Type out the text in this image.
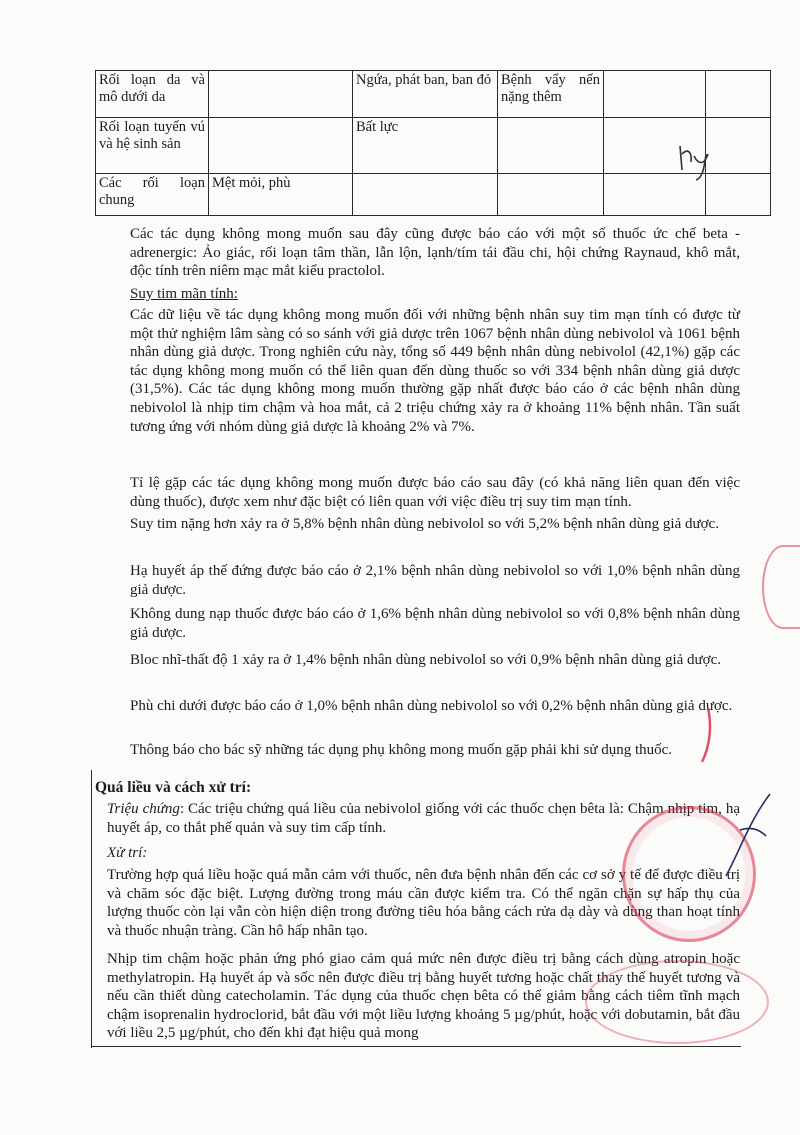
Rối loạn da và mô dưới da		Ngứa, phát ban, ban đỏ	Bệnh vẩy nến nặng thêm		
Rối loạn tuyến vú và hệ sinh sản		Bất lực			
Các rối loạn chung	Mệt mỏi, phù				

Các tác dụng không mong muốn sau đây cũng được báo cáo với một số thuốc ức chế beta - adrenergic: Ảo giác, rối loạn tâm thần, lẫn lộn, lạnh/tím tái đầu chi, hội chứng Raynaud, khô mắt, độc tính trên niêm mạc mắt kiểu practolol.

Suy tim mãn tính:

Các dữ liệu về tác dụng không mong muốn đối với những bệnh nhân suy tim mạn tính có được từ một thử nghiệm lâm sàng có so sánh với giả dược trên 1067 bệnh nhân dùng nebivolol và 1061 bệnh nhân dùng giả dược. Trong nghiên cứu này, tổng số 449 bệnh nhân dùng nebivolol (42,1%) gặp các tác dụng không mong muốn có thể liên quan đến dùng thuốc so với 334 bệnh nhân dùng giả dược (31,5%). Các tác dụng không mong muốn thường gặp nhất được báo cáo ở các bệnh nhân dùng nebivolol là nhịp tim chậm và hoa mắt, cả 2 triệu chứng xảy ra ở khoảng 11% bệnh nhân. Tần suất tương ứng với nhóm dùng giả dược là khoảng 2% và 7%.

Tỉ lệ gặp các tác dụng không mong muốn được báo cáo sau đây (có khả năng liên quan đến việc dùng thuốc), được xem như đặc biệt có liên quan với việc điều trị suy tim mạn tính.

Suy tim nặng hơn xảy ra ở 5,8% bệnh nhân dùng nebivolol so với 5,2% bệnh nhân dùng giả dược.

Hạ huyết áp thế đứng được báo cáo ở 2,1% bệnh nhân dùng nebivolol so với 1,0% bệnh nhân dùng giả dược.

Không dung nạp thuốc được báo cáo ở 1,6% bệnh nhân dùng nebivolol so với 0,8% bệnh nhân dùng giả dược.

Bloc nhĩ-thất độ 1 xảy ra ở 1,4% bệnh nhân dùng nebivolol so với 0,9% bệnh nhân dùng giả dược.

Phù chi dưới được báo cáo ở 1,0% bệnh nhân dùng nebivolol so với 0,2% bệnh nhân dùng giả dược.

Thông báo cho bác sỹ những tác dụng phụ không mong muốn gặp phải khi sử dụng thuốc.

Quá liều và cách xử trí:

Triệu chứng: Các triệu chứng quá liều của nebivolol giống với các thuốc chẹn bêta là: Chậm nhịp tim, hạ huyết áp, co thắt phế quản và suy tim cấp tính.

Xử trí:

Trường hợp quá liều hoặc quá mẫn cảm với thuốc, nên đưa bệnh nhân đến các cơ sở y tế để được điều trị và chăm sóc đặc biệt. Lượng đường trong máu cần được kiểm tra. Có thể ngăn chặn sự hấp thụ của lượng thuốc còn lại vẫn còn hiện diện trong đường tiêu hóa bằng cách rửa dạ dày và dùng than hoạt tính và thuốc nhuận tràng. Cần hô hấp nhân tạo.

Nhịp tim chậm hoặc phản ứng phó giao cảm quá mức nên được điều trị bằng cách dùng atropin hoặc methylatropin. Hạ huyết áp và sốc nên được điều trị bằng huyết tương hoặc chất thay thế huyết tương và nếu cần thiết dùng catecholamin. Tác dụng của thuốc chẹn bêta có thể giảm bằng cách tiêm tĩnh mạch chậm isoprenalin hydroclorid, bắt đầu với một liều lượng khoảng 5 µg/phút, hoặc với dobutamin, bắt đầu với liều 2,5 µg/phút, cho đến khi đạt hiệu quả mong
